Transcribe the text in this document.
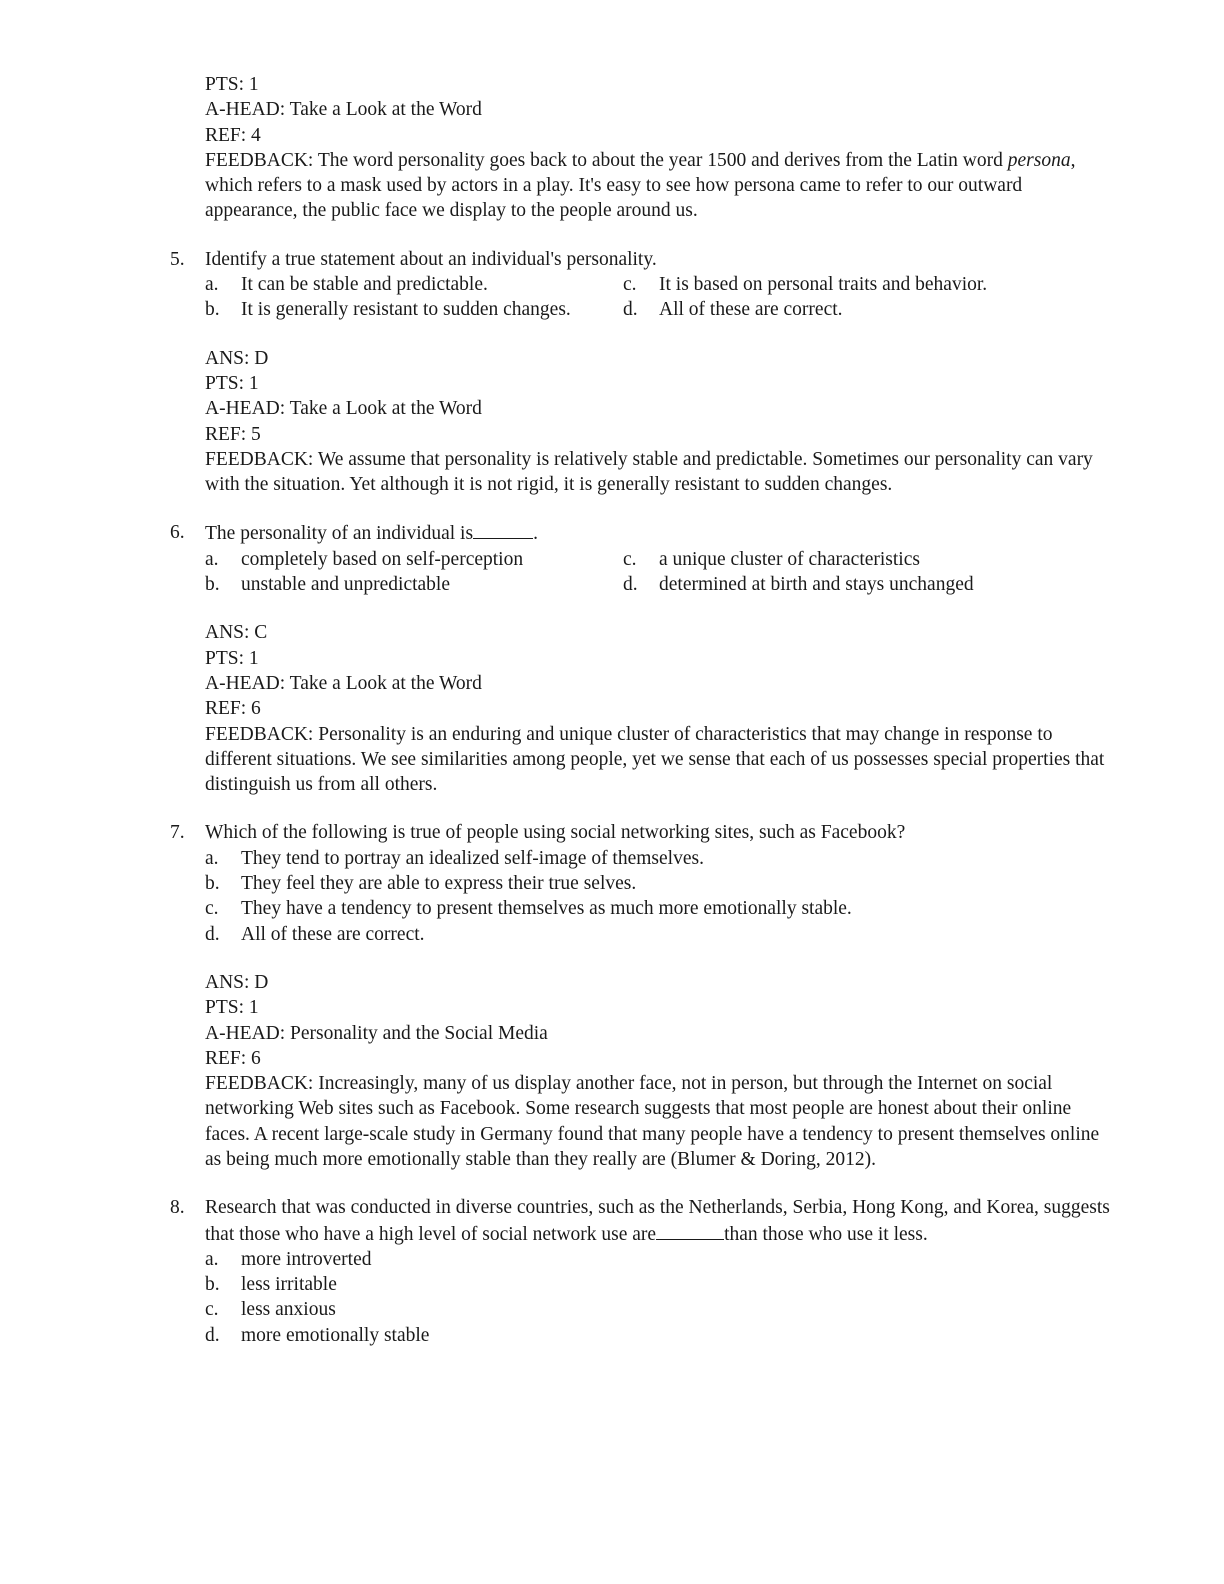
PTS: 1
A-HEAD: Take a Look at the Word
REF: 4
FEEDBACK: The word personality goes back to about the year 1500 and derives from the Latin word persona, which refers to a mask used by actors in a play. It's easy to see how persona came to refer to our outward appearance, the public face we display to the people around us.
5. Identify a true statement about an individual's personality.
a. It can be stable and predictable.	c. It is based on personal traits and behavior.
b. It is generally resistant to sudden changes.	d. All of these are correct.
ANS: D
PTS: 1
A-HEAD: Take a Look at the Word
REF: 5
FEEDBACK: We assume that personality is relatively stable and predictable. Sometimes our personality can vary with the situation. Yet although it is not rigid, it is generally resistant to sudden changes.
6. The personality of an individual is	.
a. completely based on self-perception	c. a unique cluster of characteristics
b. unstable and unpredictable	d. determined at birth and stays unchanged
ANS: C
PTS: 1
A-HEAD: Take a Look at the Word
REF: 6
FEEDBACK: Personality is an enduring and unique cluster of characteristics that may change in response to different situations. We see similarities among people, yet we sense that each of us possesses special properties that distinguish us from all others.
7. Which of the following is true of people using social networking sites, such as Facebook?
a. They tend to portray an idealized self-image of themselves.
b. They feel they are able to express their true selves.
c. They have a tendency to present themselves as much more emotionally stable.
d. All of these are correct.
ANS: D
PTS: 1
A-HEAD: Personality and the Social Media
REF: 6
FEEDBACK: Increasingly, many of us display another face, not in person, but through the Internet on social networking Web sites such as Facebook. Some research suggests that most people are honest about their online faces. A recent large-scale study in Germany found that many people have a tendency to present themselves online as being much more emotionally stable than they really are (Blumer & Doring, 2012).
8. Research that was conducted in diverse countries, such as the Netherlands, Serbia, Hong Kong, and Korea, suggests that those who have a high level of social network use are	than those who use it less.
a. more introverted
b. less irritable
c. less anxious
d. more emotionally stable
